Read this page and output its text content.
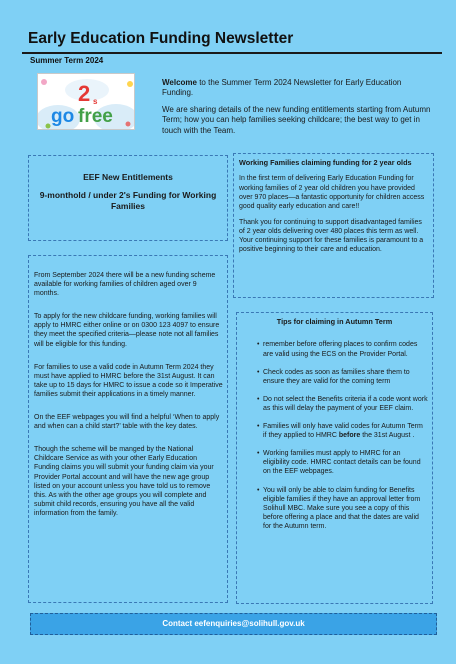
Early Education Funding Newsletter
Summer Term 2024
2 s
go free

Welcome to the Summer Term 2024 Newsletter for Early Education Funding.

We are sharing details of the new funding entitlements starting from Autumn Term; how you can help families seeking childcare; the best way to get in touch with the Team.

EEF New Entitlements
9-monthold / under 2's Funding for Working Families
Working Families claiming funding for 2 year olds

In the first term of delivering Early Education Funding for working families of 2 year old children you have provided over 970 places—a fantastic opportunity for children access good quality early education and care!!

Thank you for continuing to support disadvantaged families of 2 year olds delivering over 480 places this term as well. Your continuing support for these families is paramount to a positive beginning to their care and education.

From September 2024 there will be a new funding scheme available for working families of children aged over 9 months.

To apply for the new childcare funding, working families will apply to HMRC either online or on 0300 123 4097 to ensure they meet the specified criteria—please note not all families will be eligible for this funding.

For families to use a valid code in Autumn Term 2024 they must have applied to HMRC before the 31st August. It can take up to 15 days for HMRC to issue a code so it Imperative families submit their applications in a timely manner.

On the EEF webpages you will find a helpful ‘When to apply and when can a child start?’ table with the key dates.

Though the scheme will be manged by the National Childcare Service as with your other Early Education Funding claims you will submit your funding claim via your Provider Portal account and will have the new age group listed on your account unless you have told us to remove this. As with the other age groups you will complete and submit child records, ensuring you have all the valid information from the family.

Tips for claiming in Autumn Term
• remember before offering places to confirm codes are valid using the ECS on the Provider Portal.
• Check codes as soon as families share them to ensure they are valid for the coming term
• Do not select the Benefits criteria if a code wont work as this will delay the payment of your EEF claim.
• Families will only have valid codes for Autumn Term if they applied to HMRC before the 31st August .
• Working families must apply to HMRC for an eligibility code. HMRC contact details can be found on the EEF webpages.
• You will only be able to claim funding for Benefits eligible families if they have an approval letter from Solihull MBC. Make sure you see a copy of this before offering a place and that the dates are valid for the Autumn term.
Contact eefenquiries@solihull.gov.uk
